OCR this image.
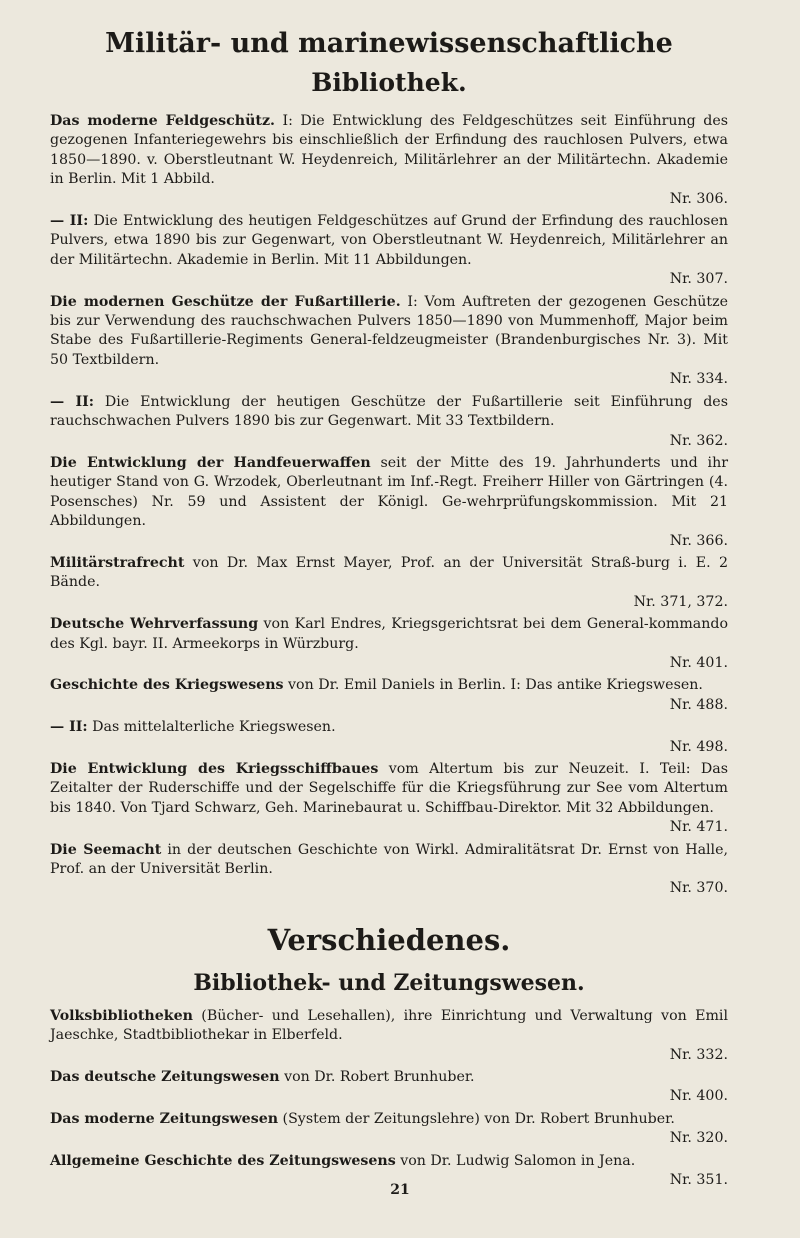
Militär- und marinewissenschaftliche
Bibliothek.

Das moderne Feldgeschütz. I: Die Entwicklung des Feldgeschützes seit Einführung des gezogenen Infanteriegewehrs bis einschließlich der Erfindung des rauchlosen Pulvers, etwa 1850—1890. v. Oberstleutnant W. Heydenreich, Militärlehrer an der Militärtechn. Akademie in Berlin. Mit 1 Abbild.
Nr. 306.

— II: Die Entwicklung des heutigen Feldgeschützes auf Grund der Erfindung des rauchlosen Pulvers, etwa 1890 bis zur Gegenwart, von Oberstleutnant W. Heydenreich, Militärlehrer an der Militärtechn. Akademie in Berlin. Mit 11 Abbildungen.
Nr. 307.

Die modernen Geschütze der Fußartillerie. I: Vom Auftreten der gezogenen Geschütze bis zur Verwendung des rauchschwachen Pulvers 1850—1890 von Mummenhoff, Major beim Stabe des Fußartillerie-Regiments General-feldzeugmeister (Brandenburgisches Nr. 3). Mit 50 Textbildern.
Nr. 334.

— II: Die Entwicklung der heutigen Geschütze der Fußartillerie seit Einführung des rauchschwachen Pulvers 1890 bis zur Gegenwart. Mit 33 Textbildern.
Nr. 362.

Die Entwicklung der Handfeuerwaffen seit der Mitte des 19. Jahrhunderts und ihr heutiger Stand von G. Wrzodek, Oberleutnant im Inf.-Regt. Freiherr Hiller von Gärtringen (4. Posensches) Nr. 59 und Assistent der Königl. Ge-wehrprüfungskommission. Mit 21 Abbildungen.
Nr. 366.

Militärstrafrecht von Dr. Max Ernst Mayer, Prof. an der Universität Straß-burg i. E. 2 Bände.
Nr. 371, 372.

Deutsche Wehrverfassung von Karl Endres, Kriegsgerichtsrat bei dem General-kommando des Kgl. bayr. II. Armeekorps in Würzburg.
Nr. 401.

Geschichte des Kriegswesens von Dr. Emil Daniels in Berlin. I: Das antike Kriegswesen.
Nr. 488.

— II: Das mittelalterliche Kriegswesen.
Nr. 498.

Die Entwicklung des Kriegsschiffbaues vom Altertum bis zur Neuzeit. I. Teil: Das Zeitalter der Ruderschiffe und der Segelschiffe für die Kriegsführung zur See vom Altertum bis 1840. Von Tjard Schwarz, Geh. Marinebaurat u. Schiffbau-Direktor. Mit 32 Abbildungen.
Nr. 471.

Die Seemacht in der deutschen Geschichte von Wirkl. Admiralitätsrat Dr. Ernst von Halle, Prof. an der Universität Berlin.
Nr. 370.

Verschiedenes.
Bibliothek- und Zeitungswesen.

Volksbibliotheken (Bücher- und Lesehallen), ihre Einrichtung und Verwaltung von Emil Jaeschke, Stadtbibliothekar in Elberfeld.
Nr. 332.

Das deutsche Zeitungswesen von Dr. Robert Brunhuber.
Nr. 400.

Das moderne Zeitungswesen (System der Zeitungslehre) von Dr. Robert Brunhuber.
Nr. 320.

Allgemeine Geschichte des Zeitungswesens von Dr. Ludwig Salomon in Jena.
Nr. 351.

21
